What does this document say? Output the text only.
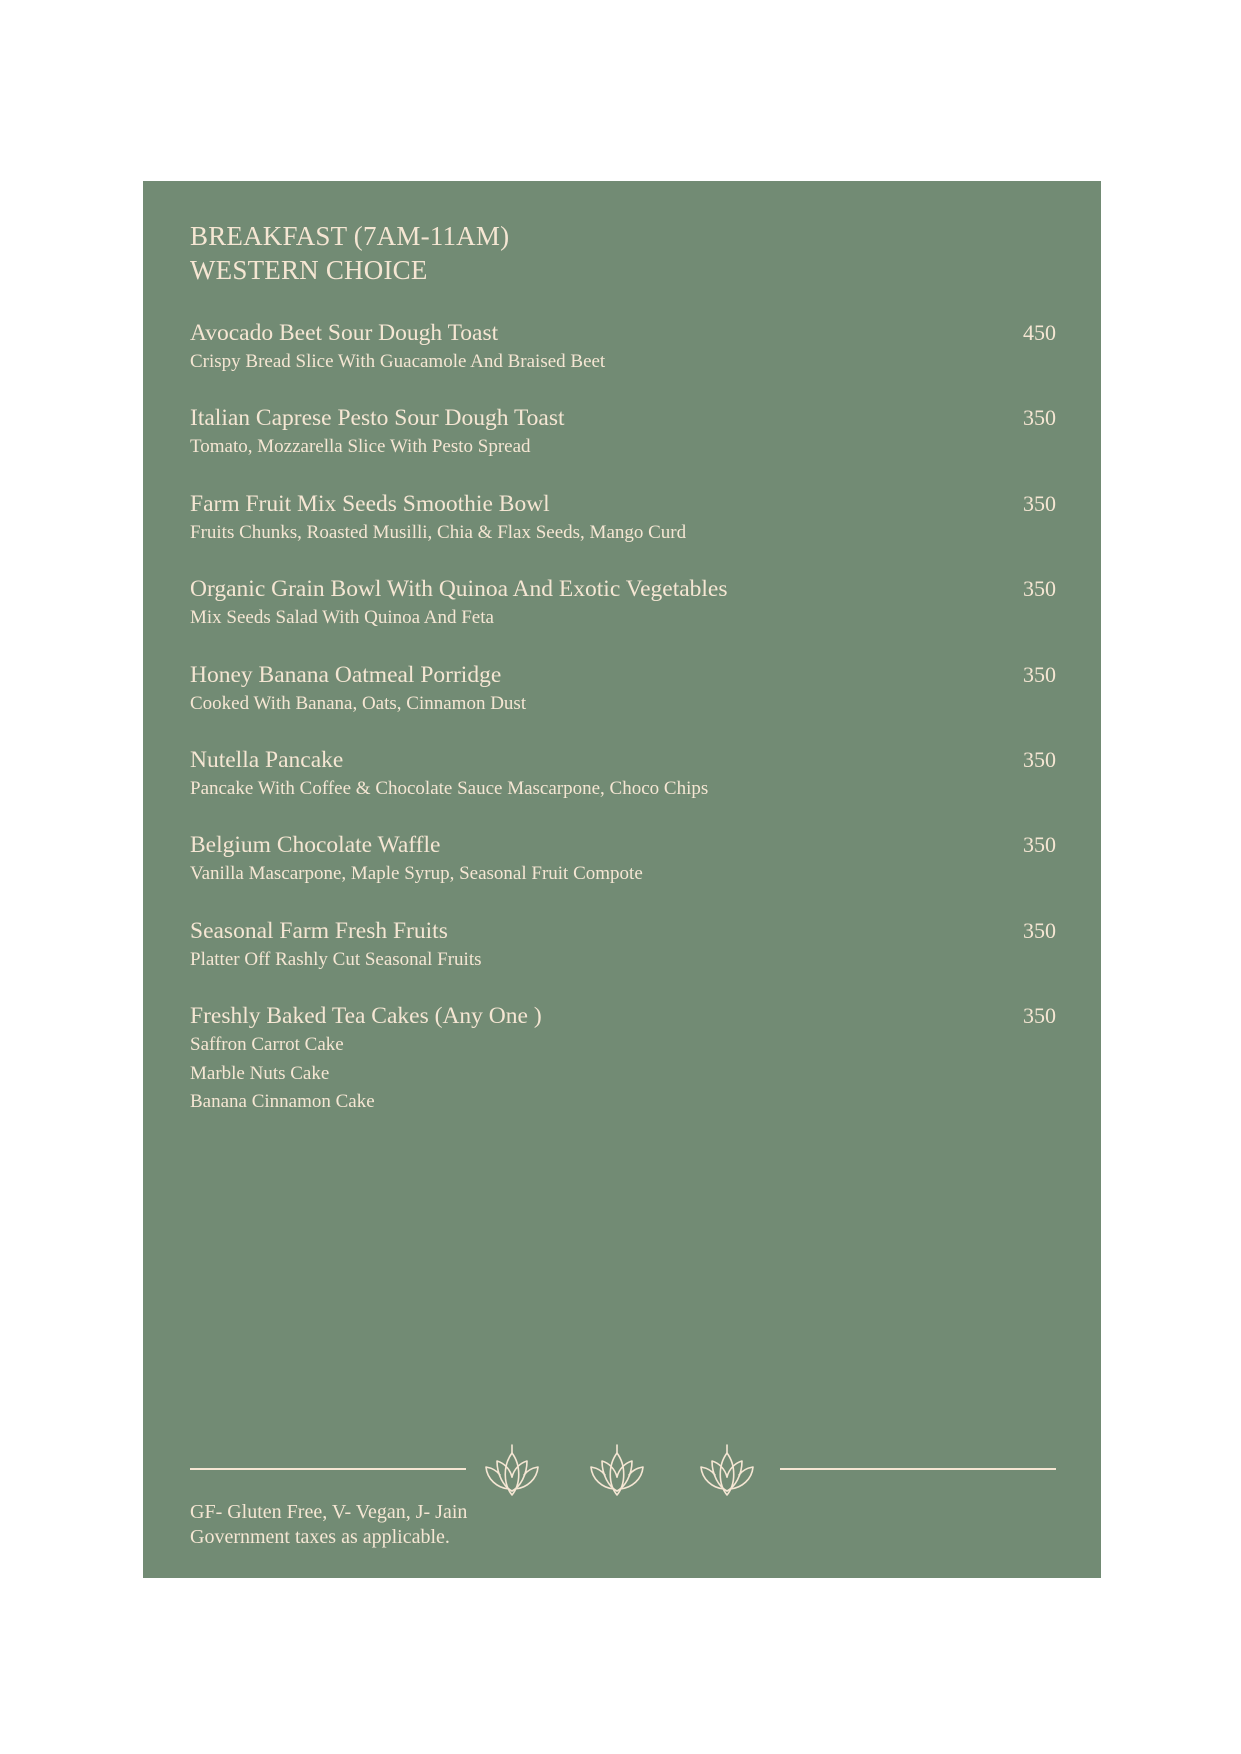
BREAKFAST (7AM-11AM)
WESTERN CHOICE
Avocado Beet Sour Dough Toast	450
Crispy Bread Slice With Guacamole And Braised Beet
Italian Caprese Pesto Sour Dough Toast	350
Tomato, Mozzarella Slice With Pesto Spread
Farm Fruit Mix Seeds Smoothie Bowl	350
Fruits Chunks, Roasted Musilli, Chia & Flax Seeds, Mango Curd
Organic Grain Bowl With Quinoa And Exotic Vegetables	350
Mix Seeds Salad With Quinoa And Feta
Honey Banana Oatmeal Porridge	350
Cooked With Banana, Oats, Cinnamon Dust
Nutella Pancake	350
Pancake With Coffee & Chocolate Sauce Mascarpone, Choco Chips
Belgium Chocolate Waffle	350
Vanilla Mascarpone, Maple Syrup, Seasonal Fruit Compote
Seasonal Farm Fresh Fruits	350
Platter Off Rashly Cut Seasonal Fruits
Freshly Baked Tea Cakes (Any One )	350
Saffron Carrot Cake
Marble Nuts Cake
Banana Cinnamon Cake
GF- Gluten Free, V- Vegan, J- Jain
Government taxes as applicable.
